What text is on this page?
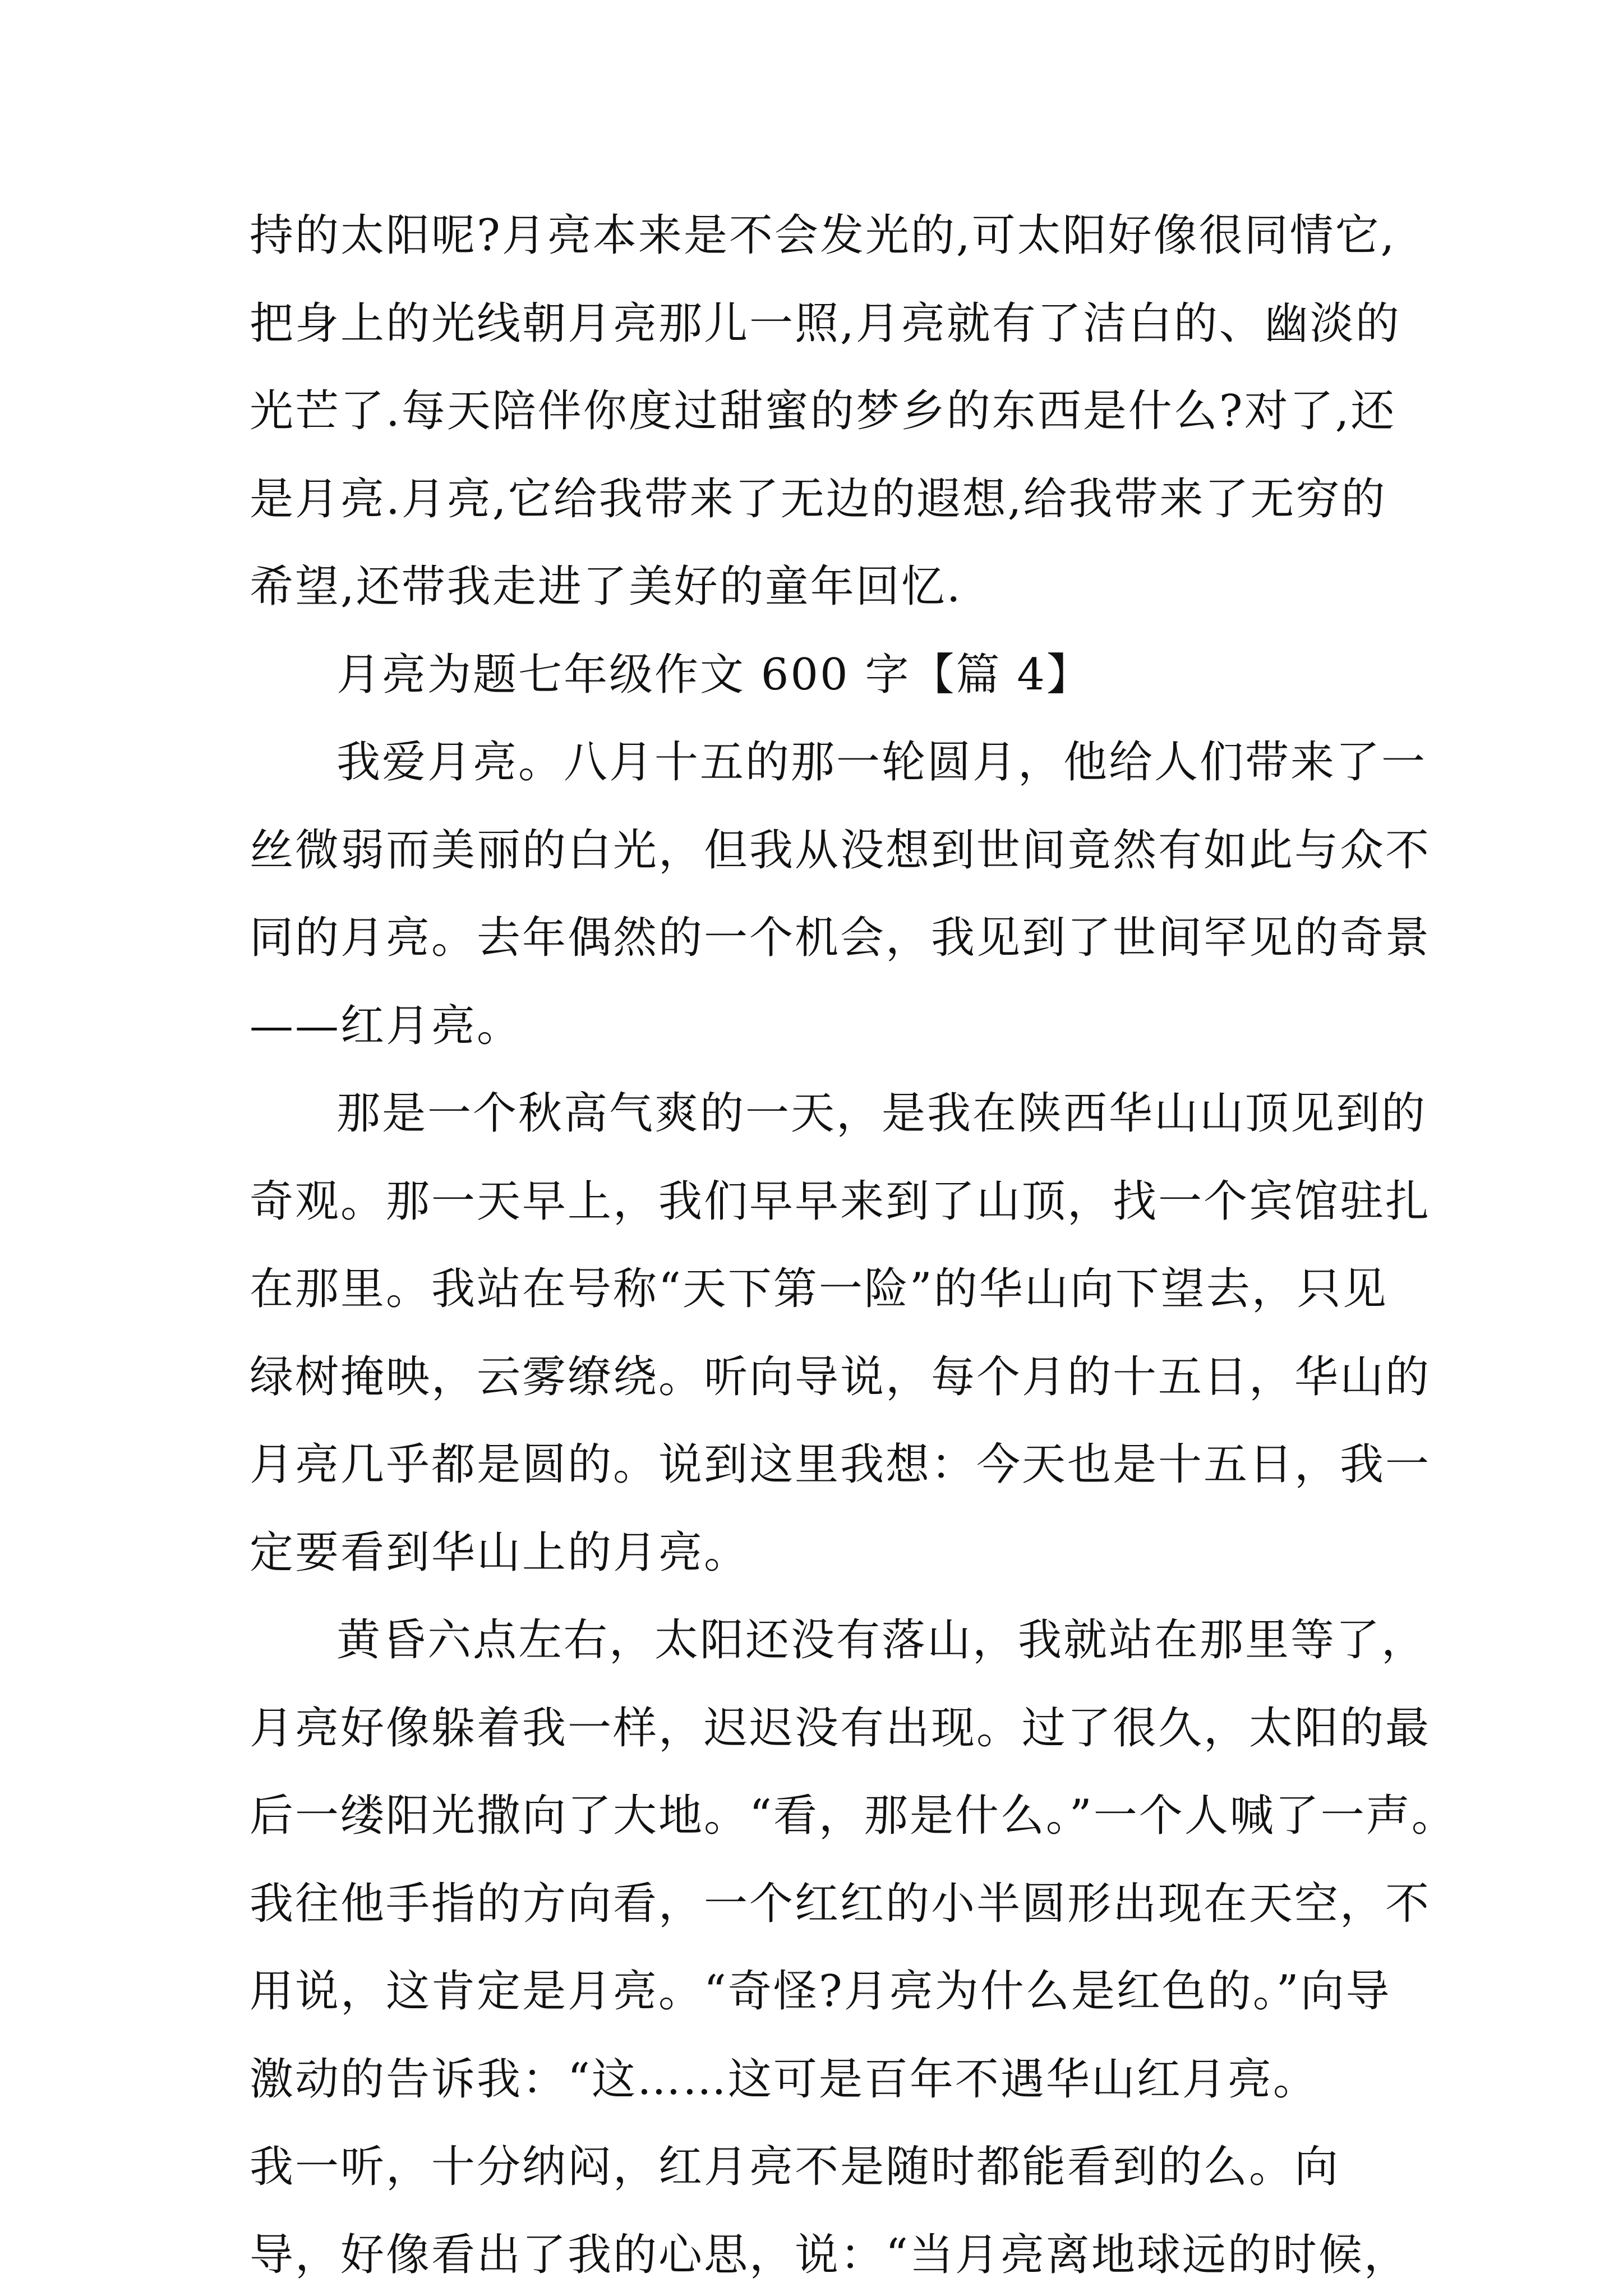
持的太阳呢?月亮本来是不会发光的,可太阳好像很同情它,
把身上的光线朝月亮那儿一照,月亮就有了洁白的、幽淡的
光芒了.每天陪伴你度过甜蜜的梦乡的东西是什么?对了,还
是月亮.月亮,它给我带来了无边的遐想,给我带来了无穷的
希望,还带我走进了美好的童年回忆.
月亮为题七年级作文 600 字【篇 4】
我爱月亮。八月十五的那一轮圆月，他给人们带来了一
丝微弱而美丽的白光，但我从没想到世间竟然有如此与众不
同的月亮。去年偶然的一个机会，我见到了世间罕见的奇景
——红月亮。
那是一个秋高气爽的一天，是我在陕西华山山顶见到的
奇观。那一天早上，我们早早来到了山顶，找一个宾馆驻扎
在那里。我站在号称“天下第一险”的华山向下望去，只见
绿树掩映，云雾缭绕。听向导说，每个月的十五日，华山的
月亮几乎都是圆的。说到这里我想：今天也是十五日，我一
定要看到华山上的月亮。
黄昏六点左右，太阳还没有落山，我就站在那里等了，
月亮好像躲着我一样，迟迟没有出现。过了很久，太阳的最
后一缕阳光撒向了大地。“看，那是什么。”一个人喊了一声。
我往他手指的方向看，一个红红的小半圆形出现在天空，不
用说，这肯定是月亮。“奇怪?月亮为什么是红色的。”向导
激动的告诉我：“这……这可是百年不遇华山红月亮。
我一听，十分纳闷，红月亮不是随时都能看到的么。向
导，好像看出了我的心思，说：“当月亮离地球远的时候，
